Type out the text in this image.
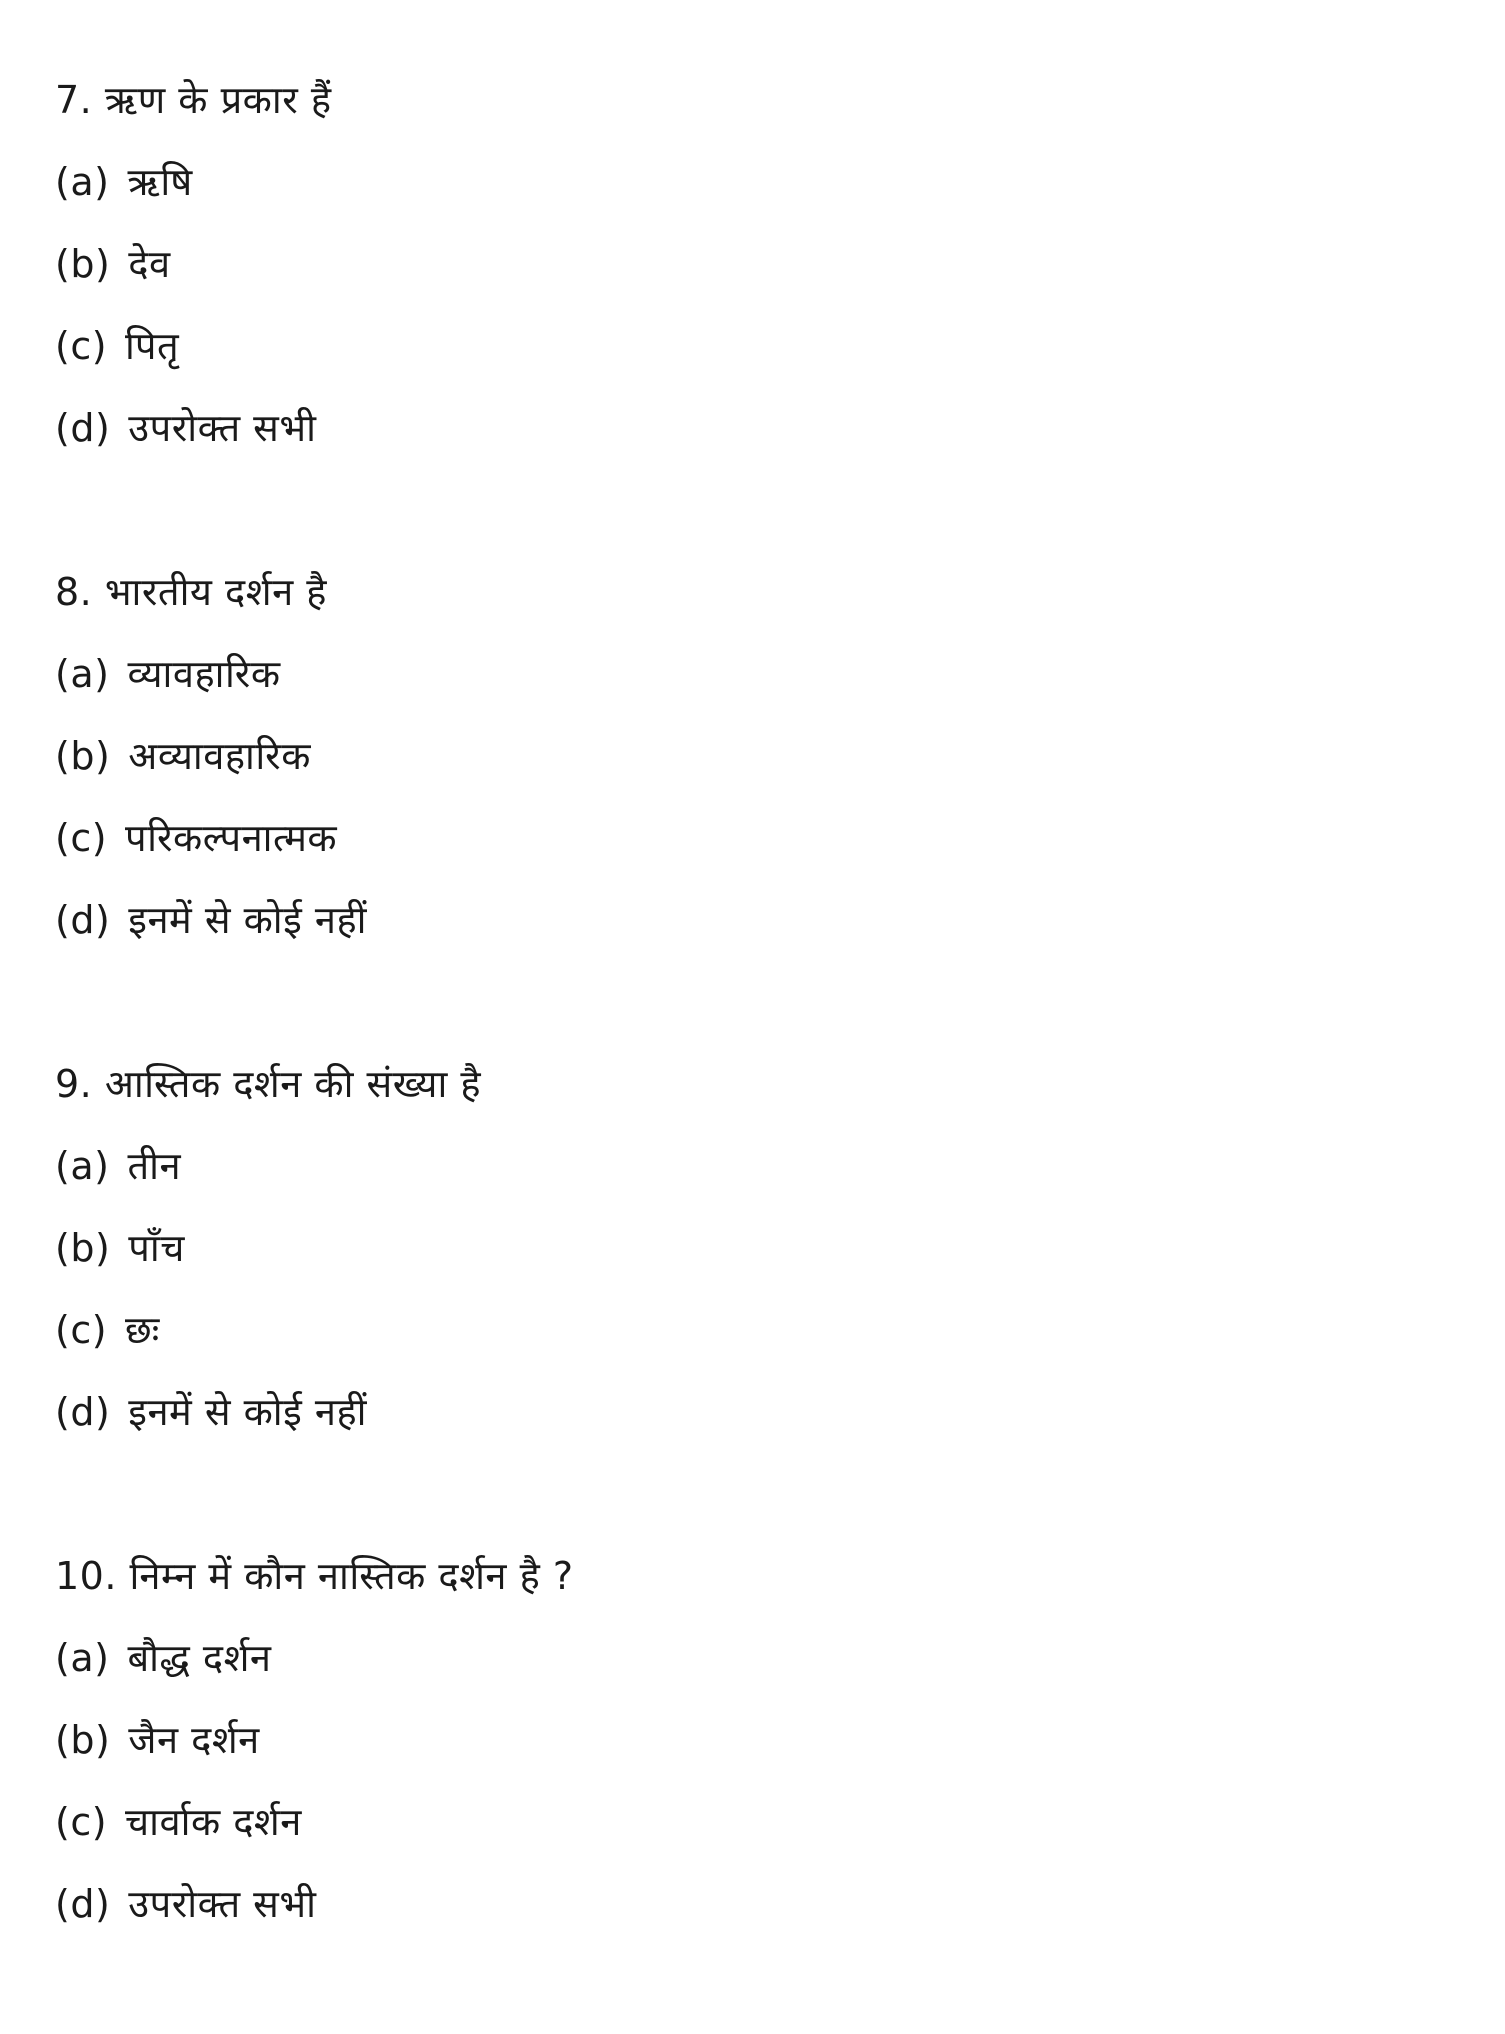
7. ऋण के प्रकार हैं
(a) ऋषि
(b) देव
(c) पितृ
(d) उपरोक्त सभी
8. भारतीय दर्शन है
(a) व्यावहारिक
(b) अव्यावहारिक
(c) परिकल्पनात्मक
(d) इनमें से कोई नहीं
9. आस्तिक दर्शन की संख्या है
(a) तीन
(b) पाँच
(c) छः
(d) इनमें से कोई नहीं
10. निम्न में कौन नास्तिक दर्शन है ?
(a) बौद्ध दर्शन
(b) जैन दर्शन
(c) चार्वाक दर्शन
(d) उपरोक्त सभी
